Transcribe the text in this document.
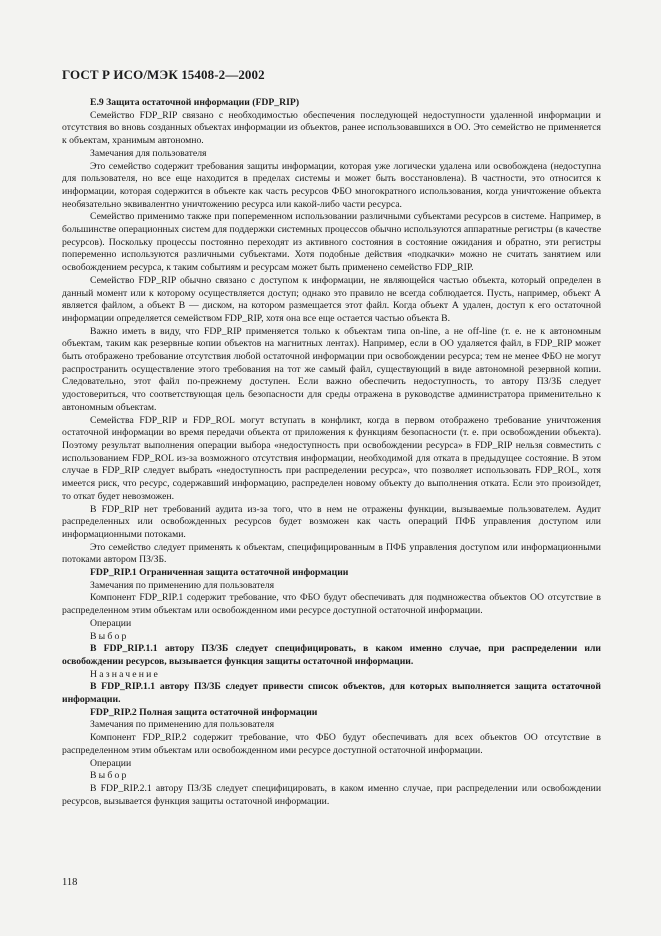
ГОСТ Р ИСО/МЭК 15408-2—2002

E.9 Защита остаточной информации (FDP_RIP)

Семейство FDP_RIP связано с необходимостью обеспечения последующей недоступности удаленной информации и отсутствия во вновь созданных объектах информации из объектов, ранее использовавшихся в ОО. Это семейство не применяется к объектам, хранимым автономно.

Замечания для пользователя

Это семейство содержит требования защиты информации, которая уже логически удалена или освобождена (недоступна для пользователя, но все еще находится в пределах системы и может быть восстановлена). В частности, это относится к информации, которая содержится в объекте как часть ресурсов ФБО многократного использования, когда уничтожение объекта необязательно эквивалентно уничтожению ресурса или какой-либо части ресурса.

Семейство применимо также при попеременном использовании различными субъектами ресурсов в системе. Например, в большинстве операционных систем для поддержки системных процессов обычно используются аппаратные регистры (в качестве ресурсов). Поскольку процессы постоянно переходят из активного состояния в состояние ожидания и обратно, эти регистры попеременно используются различными субъектами. Хотя подобные действия «подкачки» можно не считать занятием или освобождением ресурса, к таким событиям и ресурсам может быть применено семейство FDP_RIP.

Семейство FDP_RIP обычно связано с доступом к информации, не являющейся частью объекта, который определен в данный момент или к которому осуществляется доступ; однако это правило не всегда соблюдается. Пусть, например, объект А является файлом, а объект В — диском, на котором размещается этот файл. Когда объект А удален, доступ к его остаточной информации определяется семейством FDP_RIP, хотя она все еще остается частью объекта В.

Важно иметь в виду, что FDP_RIP применяется только к объектам типа on-line, а не off-line (т. е. не к автономным объектам, таким как резервные копии объектов на магнитных лентах). Например, если в ОО удаляется файл, в FDP_RIP может быть отображено требование отсутствия любой остаточной информации при освобождении ресурса; тем не менее ФБО не могут распространить осуществление этого требования на тот же самый файл, существующий в виде автономной резервной копии. Следовательно, этот файл по-прежнему доступен. Если важно обеспечить недоступность, то автору ПЗ/ЗБ следует удостовериться, что соответствующая цель безопасности для среды отражена в руководстве администратора применительно к автономным объектам.

Семейства FDP_RIP и FDP_ROL могут вступать в конфликт, когда в первом отображено требование уничтожения остаточной информации во время передачи объекта от приложения к функциям безопасности (т. е. при освобождении объекта). Поэтому результат выполнения операции выбора «недоступность при освобождении ресурса» в FDP_RIP нельзя совместить с использованием FDP_ROL из-за возможного отсутствия информации, необходимой для отката в предыдущее состояние. В этом случае в FDP_RIP следует выбрать «недоступность при распределении ресурса», что позволяет использовать FDP_ROL, хотя имеется риск, что ресурс, содержавший информацию, распределен новому объекту до выполнения отката. Если это произойдет, то откат будет невозможен.

В FDP_RIP нет требований аудита из-за того, что в нем не отражены функции, вызываемые пользователем. Аудит распределенных или освобожденных ресурсов будет возможен как часть операций ПФБ управления доступом или информационными потоками.

Это семейство следует применять к объектам, специфицированным в ПФБ управления доступом или информационными потоками автором ПЗ/ЗБ.

FDP_RIP.1 Ограниченная защита остаточной информации

Замечания по применению для пользователя

Компонент FDP_RIP.1 содержит требование, что ФБО будут обеспечивать для подмножества объектов ОО отсутствие в распределенном этим объектам или освобожденном ими ресурсе доступной остаточной информации.

Операции

Выбор

В FDP_RIP.1.1 автору ПЗ/ЗБ следует специфицировать, в каком именно случае, при распределении или освобождении ресурсов, вызывается функция защиты остаточной информации.

Назначение

В FDP_RIP.1.1 автору ПЗ/ЗБ следует привести список объектов, для которых выполняется защита остаточной информации.

FDP_RIP.2 Полная защита остаточной информации

Замечания по применению для пользователя

Компонент FDP_RIP.2 содержит требование, что ФБО будут обеспечивать для всех объектов ОО отсутствие в распределенном этим объектам или освобожденном ими ресурсе доступной остаточной информации.

Операции

Выбор

В FDP_RIP.2.1 автору ПЗ/ЗБ следует специфицировать, в каком именно случае, при распределении или освобождении ресурсов, вызывается функция защиты остаточной информации.

118
